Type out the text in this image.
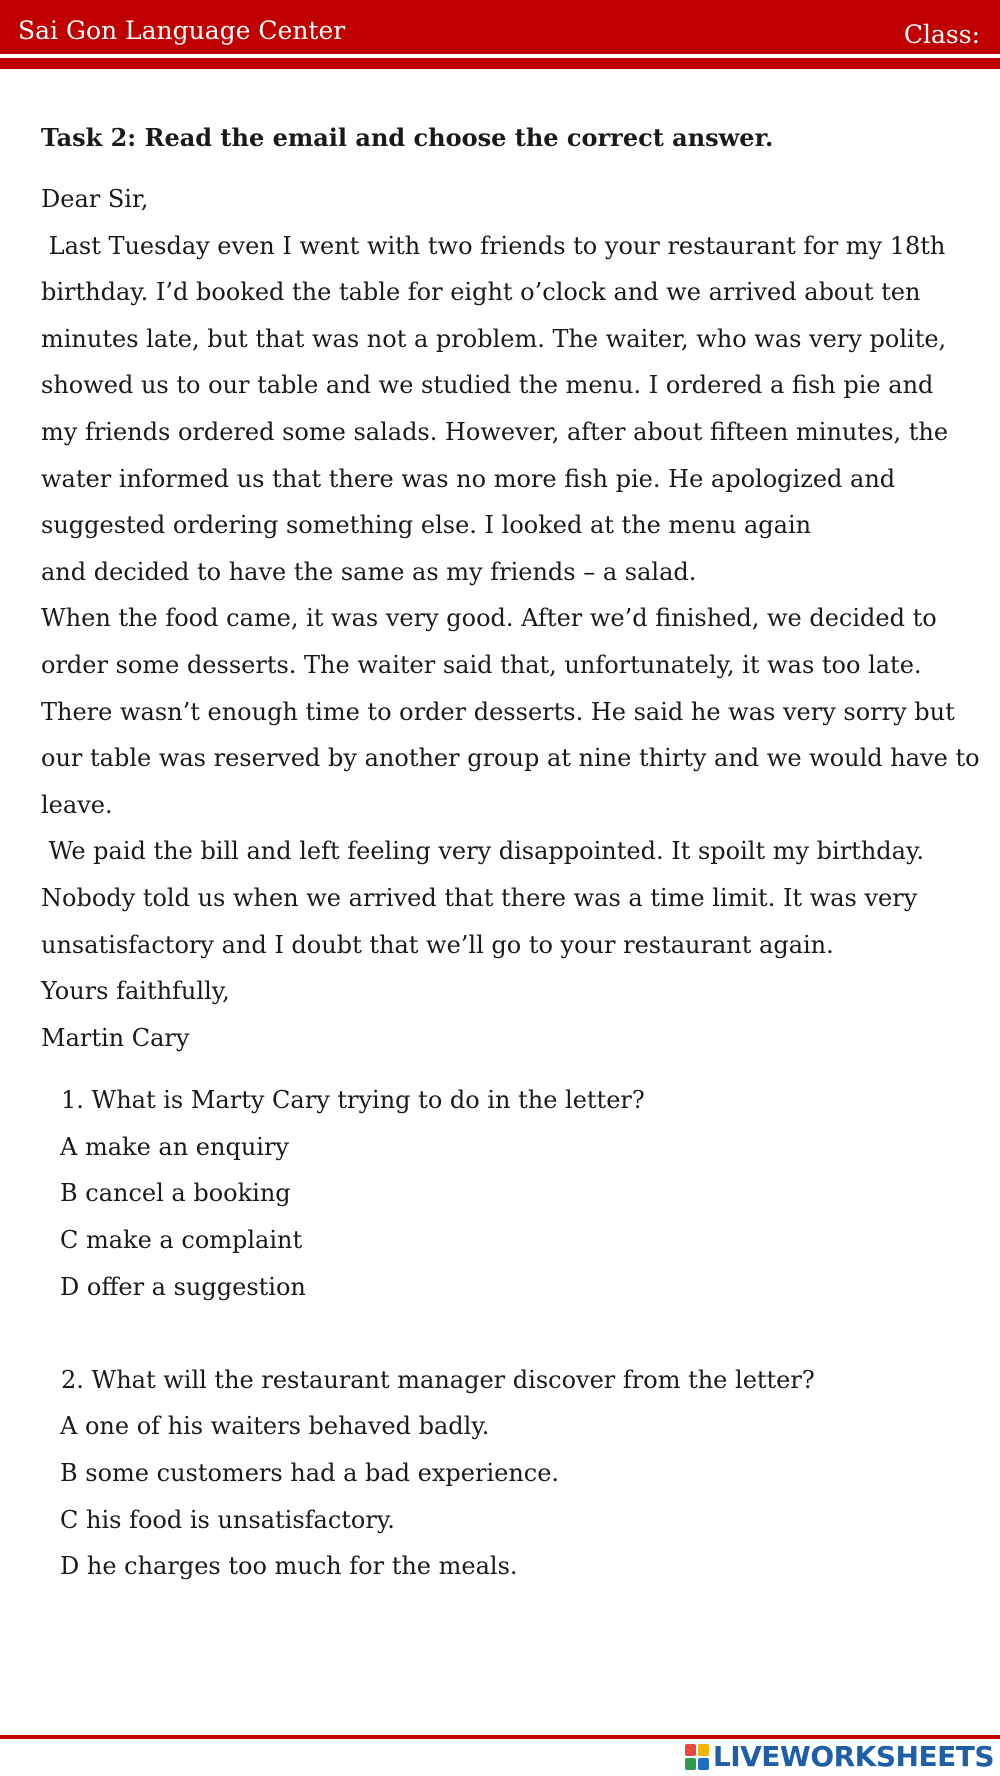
Sai Gon Language Center	Class:

Task 2: Read the email and choose the correct answer.

Dear Sir,

Last Tuesday even I went with two friends to your restaurant for my 18th

birthday. I’d booked the table for eight o’clock and we arrived about ten

minutes late, but that was not a problem. The waiter, who was very polite,

showed us to our table and we studied the menu. I ordered a fish pie and

my friends ordered some salads. However, after about fifteen minutes, the

water informed us that there was no more fish pie. He apologized and

suggested ordering something else. I looked at the menu again

and decided to have the same as my friends – a salad.

When the food came, it was very good. After we’d finished, we decided to

order some desserts. The waiter said that, unfortunately, it was too late.

There wasn’t enough time to order desserts. He said he was very sorry but

our table was reserved by another group at nine thirty and we would have to

leave.

We paid the bill and left feeling very disappointed. It spoilt my birthday.

Nobody told us when we arrived that there was a time limit. It was very

unsatisfactory and I doubt that we’ll go to your restaurant again.

Yours faithfully,

Martin Cary

1. What is Marty Cary trying to do in the letter?

A make an enquiry

B cancel a booking

C make a complaint

D offer a suggestion

2. What will the restaurant manager discover from the letter?

A one of his waiters behaved badly.

B some customers had a bad experience.

C his food is unsatisfactory.

D he charges too much for the meals.

LIVEWORKSHEETS
